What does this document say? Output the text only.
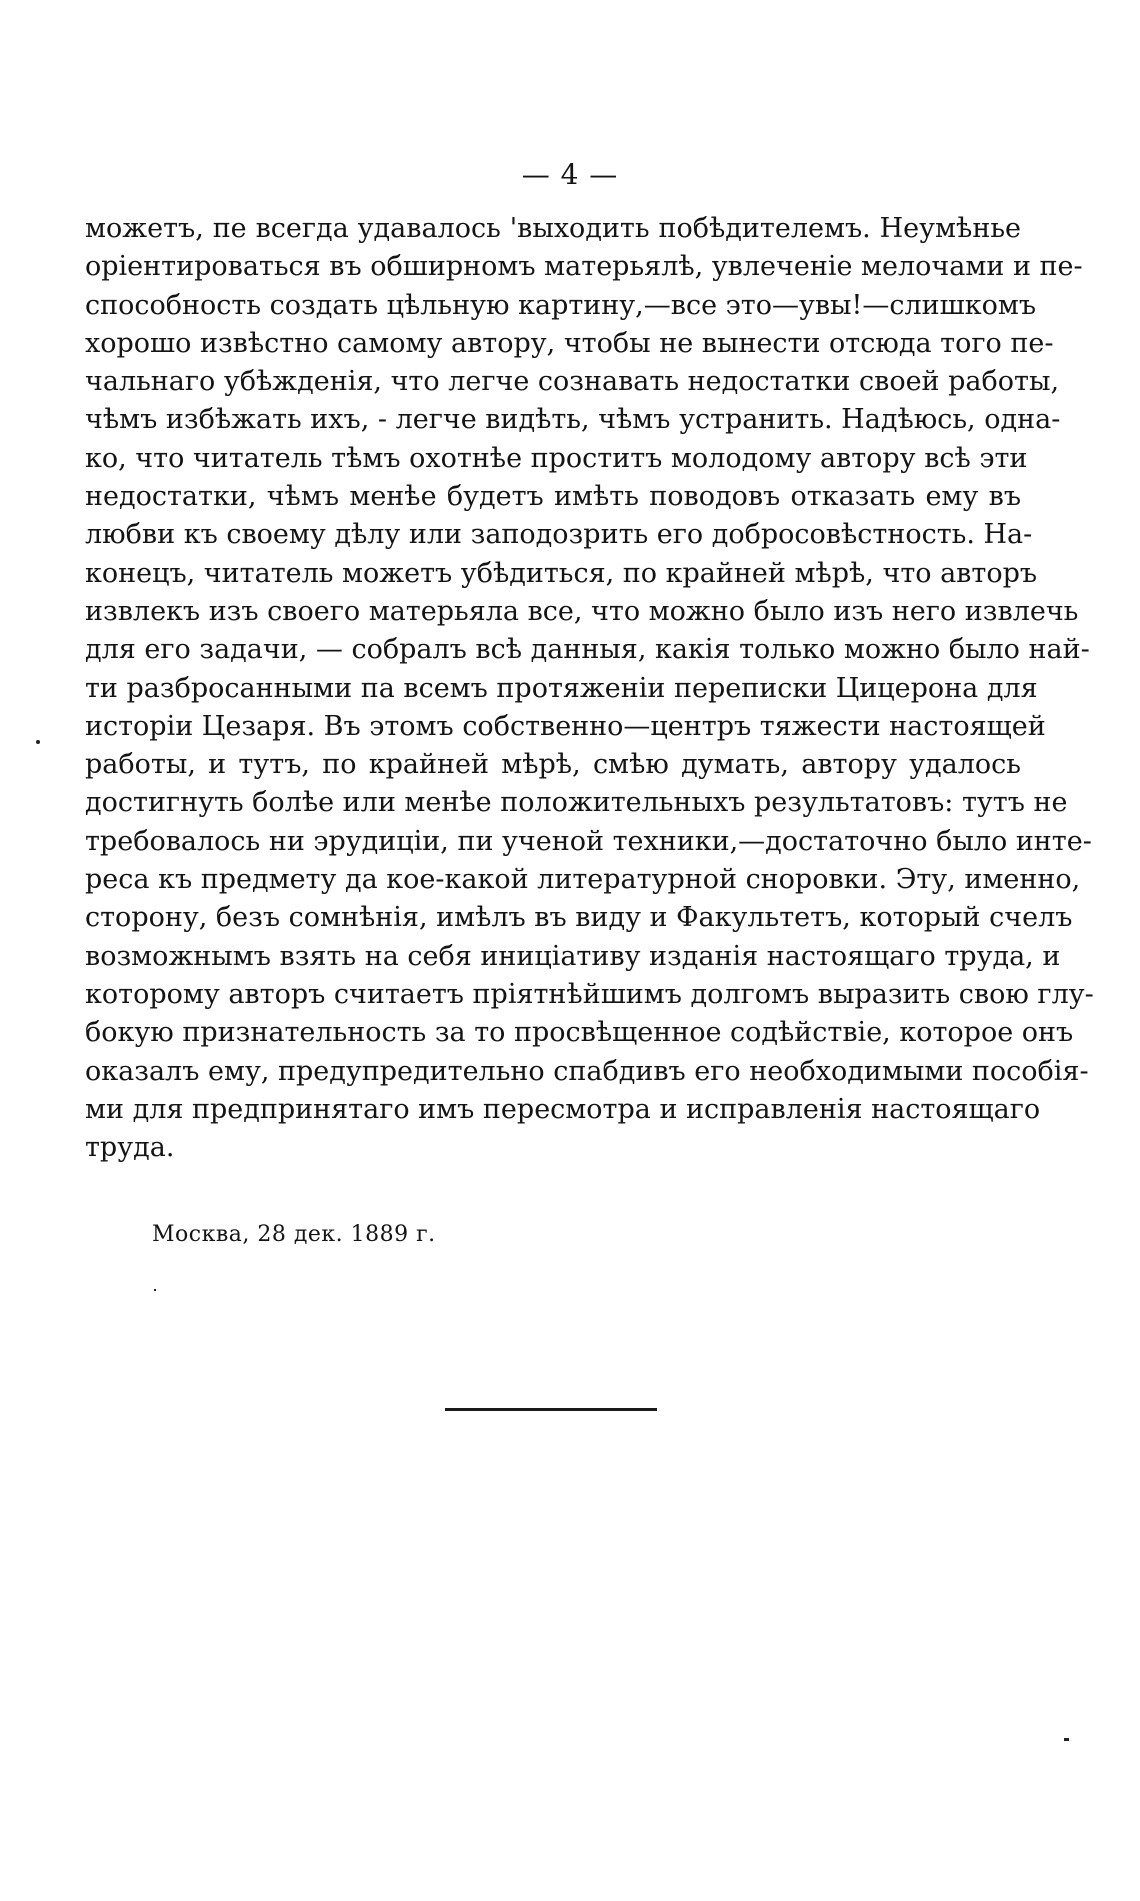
— 4 —
можетъ, пе всегда удавалось 'выходить побѣдителемъ. Неумѣнье
оріентироваться въ обширномъ матерьялѣ, увлеченіе мелочами и пе-
способность создать цѣльную картину,—все это—увы!—слишкомъ
хорошо извѣстно самому автору, чтобы не вынести отсюда того пе-
чальнаго убѣжденія, что легче сознавать недостатки своей работы,
чѣмъ избѣжать ихъ, - легче видѣть, чѣмъ устранить. Надѣюсь, одна-
ко, что читатель тѣмъ охотнѣе проститъ молодому автору всѣ эти
недостатки, чѣмъ менѣе будетъ имѣть поводовъ отказать ему въ
любви къ своему дѣлу или заподозрить его добросовѣстность. На-
конецъ, читатель можетъ убѣдиться, по крайней мѣрѣ, что авторъ
извлекъ изъ своего матерьяла все, что можно было изъ него извлечь
для его задачи, — собралъ всѣ данныя, какія только можно было най-
ти разбросанными па всемъ протяженіи переписки Цицерона для
исторіи Цезаря. Въ этомъ собственно—центръ тяжести настоящей
работы, и тутъ, по крайней мѣрѣ, смѣю думать, автору удалось
достигнуть болѣе или менѣе положительныхъ результатовъ: тутъ не
требовалось ни эрудиціи, пи ученой техники,—достаточно было инте-
реса къ предмету да кое-какой литературной сноровки. Эту, именно,
сторону, безъ сомнѣнія, имѣлъ въ виду и Факультетъ, который счелъ
возможнымъ взять на себя иницiативу изданія настоящаго труда, и
которому авторъ считаетъ пріятнѣйшимъ долгомъ выразить свою глу-
бокую признательность за то просвѣщенное содѣйствіе, которое онъ
оказалъ ему, предупредительно спабдивъ его необходимыми пособія-
ми для предпринятаго имъ пересмотра и исправленія настоящаго
труда.
Москва, 28 дек. 1889 г.
